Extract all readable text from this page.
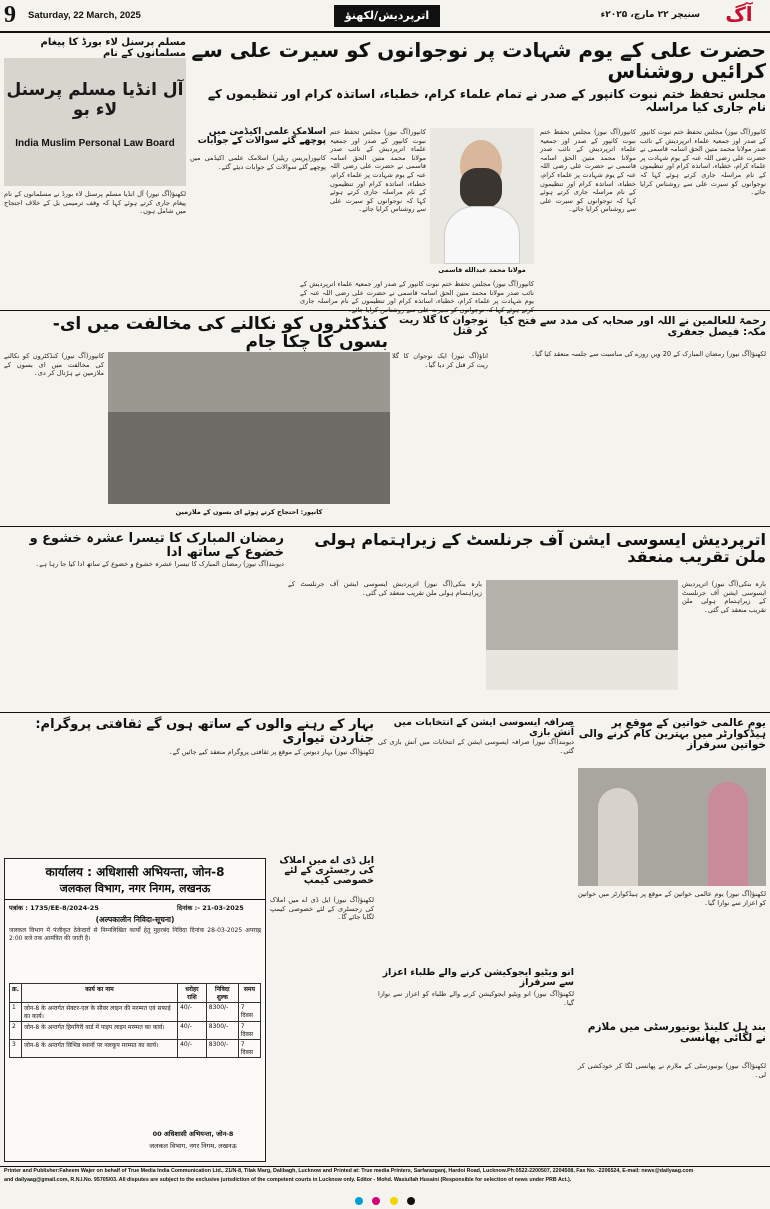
9 Saturday, 22 March, 2025	اترپردیش/لکھنؤ	سنیچر ۲۲ مارچ، ۲۰۲۵ء	آگ
حضرت علی کے یوم شہادت پر نوجوانوں کو سیرت علی سے کرائیں روشناس
مجلس تحفظ ختم نبوت کانپور کے صدر نے تمام علماء کرام، خطباء، اساتذہ کرام اور تنظیموں کے نام جاری کیا مراسلہ
مولانا محمد عبدالله قاسمی
کانپور(آگ نیوز) مجلس تحفظ ختم نبوت کانپور کے صدر اور جمعیۃ علماء اترپردیش کے نائب صدر مولانا محمد متین الحق اسامہ قاسمی نے حضرت علی رضی اللہ عنہ کے یوم شہادت پر علماء کرام، خطباء، اساتذہ کرام اور تنظیموں کے نام مراسلہ جاری کرتے ہوئے کہا کہ نوجوانوں کو سیرت علی سے روشناس کرایا جائے۔
کانپور(آگ نیوز) مجلس تحفظ ختم نبوت کانپور کے صدر اور جمعیۃ علماء اترپردیش کے نائب صدر مولانا محمد متین الحق اسامہ قاسمی نے حضرت علی رضی اللہ عنہ کے یوم شہادت پر علماء کرام، خطباء، اساتذہ کرام اور تنظیموں کے نام مراسلہ جاری کرتے ہوئے کہا کہ نوجوانوں کو سیرت علی سے روشناس کرایا جائے۔
کانپور(آگ نیوز) مجلس تحفظ ختم نبوت کانپور کے صدر اور جمعیۃ علماء اترپردیش کے نائب صدر مولانا محمد متین الحق اسامہ قاسمی نے حضرت علی رضی اللہ عنہ کے یوم شہادت پر علماء کرام، خطباء، اساتذہ کرام اور تنظیموں کے نام مراسلہ جاری کرتے ہوئے کہا کہ نوجوانوں کو سیرت علی سے روشناس کرایا جائے۔
کانپور(آگ نیوز) مجلس تحفظ ختم نبوت کانپور کے صدر اور جمعیۃ علماء اترپردیش کے نائب صدر مولانا محمد متین الحق اسامہ قاسمی نے حضرت علی رضی اللہ عنہ کے یوم شہادت پر علماء کرام، خطباء، اساتذہ کرام اور تنظیموں کے نام مراسلہ جاری
مسلم پرسنل لاء بورڈ کا پیغام مسلمانوں کے نام
آل انڈیا مسلم پرسنل لاء بو
India Muslim Personal Law Board
لکھنؤ(آگ نیوز) آل انڈیا مسلم پرسنل لاء بورڈ نے مسلمانوں کے نام پیغام جاری کرتے ہوئے کہا کہ وقف ترمیمی بل کے خلاف احتجاج میں شامل ہوں۔
اسلامک علمی اکیڈمی میں پوچھے گئے سوالات کے جوابات
کانپور(پریس ریلیز) اسلامک علمی اکیڈمی میں پوچھے گئے سوالات کے جوابات دیئے گئے۔
کنڈکٹروں کو نکالنے کی مخالفت میں ای-بسوں کا چکا جام
کانپور: احتجاج کرتے ہوئے ای بسوں کے ملازمین
کانپور(آگ نیوز) کنڈکٹروں کو نکالنے کی مخالفت میں ای بسوں کے ملازمین نے ہڑتال کر دی۔
نوجوان کا گلا ریت کر قتل
اناؤ(آگ نیوز) ایک نوجوان کا گلا ریت کر قتل کر دیا گیا۔
رحمۃ للعالمین نے اللہ اور صحابہ کی مدد سے فتح کیا مکہ: فیصل جعفری
لکھنؤ(آگ نیوز) رمضان المبارک کے 20 ویں روزے کی مناسبت سے جلسہ منعقد کیا گیا۔
رمضان المبارک کا تیسرا عشرہ خشوع و خضوع کے ساتھ ادا
دیوبند(آگ نیوز) رمضان المبارک کا تیسرا عشرہ خشوع و خضوع کے ساتھ ادا کیا جا رہا ہے۔
اترپردیش ایسوسی ایشن آف جرنلسٹ کے زیراہتمام ہولی ملن تقریب منعقد
بارہ بنکی(آگ نیوز) اترپردیش ایسوسی ایشن آف جرنلسٹ کے زیراہتمام ہولی ملن تقریب منعقد کی گئی۔
بارہ بنکی(آگ نیوز) اترپردیش ایسوسی ایشن آف جرنلسٹ کے زیراہتمام ہولی ملن تقریب منعقد کی گئی۔
بہار کے رہنے والوں کے ساتھ ہوں گے ثقافتی پروگرام: جناردن تیواری
لکھنؤ(آگ نیوز) بہار دیوس کے موقع پر ثقافتی پروگرام منعقد کیے جائیں گے۔
صرافہ ایسوسی ایشن کے انتخابات میں آتش بازی
دیوبند(آگ نیوز) صرافہ ایسوسی ایشن کے انتخابات میں آتش بازی کی گئی۔
یوم عالمی خواتین کے موقع پر ہیڈکوارٹر میں بہترین کام کرنے والی خواتین سرفراز
لکھنؤ(آگ نیوز) یوم عالمی خواتین کے موقع پر ہیڈکوارٹر میں خواتین کو اعزاز سے نوازا گیا۔
ایل ڈی اے میں املاک کی رجسٹری کے لئے خصوصی کیمپ
لکھنؤ(آگ نیوز) ایل ڈی اے میں املاک کی رجسٹری کے لئے خصوصی کیمپ لگایا جائے گا۔
انو ویٹیو ایجوکیشن کرنے والے طلباء اعزاز سے سرفراز
لکھنؤ(آگ نیوز) انو ویٹیو ایجوکیشن کرنے والے طلباء کو اعزاز سے نوازا گیا۔
بند ہل کلینڈ یونیورسٹی میں ملازم نے لگائی پھانسی
لکھنؤ(آگ نیوز) یونیورسٹی کے ملازم نے پھانسی لگا کر خودکشی کر لی۔
कार्यालय : अधिशासी अभियन्ता, जोन-8
जलकल विभाग, नगर निगम, लखनऊ
पत्रांक : 1735/EE-8/2024-25	दिनांक :- 21-03-2025
(अल्पकालीन निविदा-सूचना)
जलकल विभाग में पंजीकृत ठेकेदारों से निम्नलिखित कार्यों हेतु मुहरबंद निविदा दिनांक 28-03-2025 अपराह्न 2:00 बजे तक आमंत्रित की जाती है।
क्र.	कार्य का नाम	धरोहर राशि	निविदा शुल्क	समय
1	जोन-8 के अन्तर्गत सेक्टर-एल के सीवर लाइन की मरम्मत एवं सफाई का कार्य।	40/-	8300/-	7 दिवस
2	जोन-8 के अन्तर्गत हिमगिरी वार्ड में पाइप लाइन मरम्मत का कार्य।	40/-	8300/-	7 दिवस
3	जोन-8 के अन्तर्गत विभिन्न स्थानों पर नलकूप मरम्मत का कार्य।	40/-	8300/-	7 दिवस
00 अधिशासी अभियन्ता, जोन-8
जलकल विभाग, नगर निगम, लखनऊ
Printer and Publisher:Faheem Wajer on behalf of True Media India Communication Ltd., 21/N-8, Tilak Marg, Dalibagh, Lucknow and Printed at: True media Printers, Sarfarazganj, Hardoi Road, Lucknow.Ph:0522-2200507, 2204508, Fax No. -2206524, E-mail: news@dailyaag.com
and dailyaag@gmail.com, R.N.I.No. 95705/03. All disputes are subject to the exclusive jurisdiction of the competent courts in Lucknow only. Editor - Mohd. Wasiullah Husaini (Responsible for selection of news under PRB Act.).
